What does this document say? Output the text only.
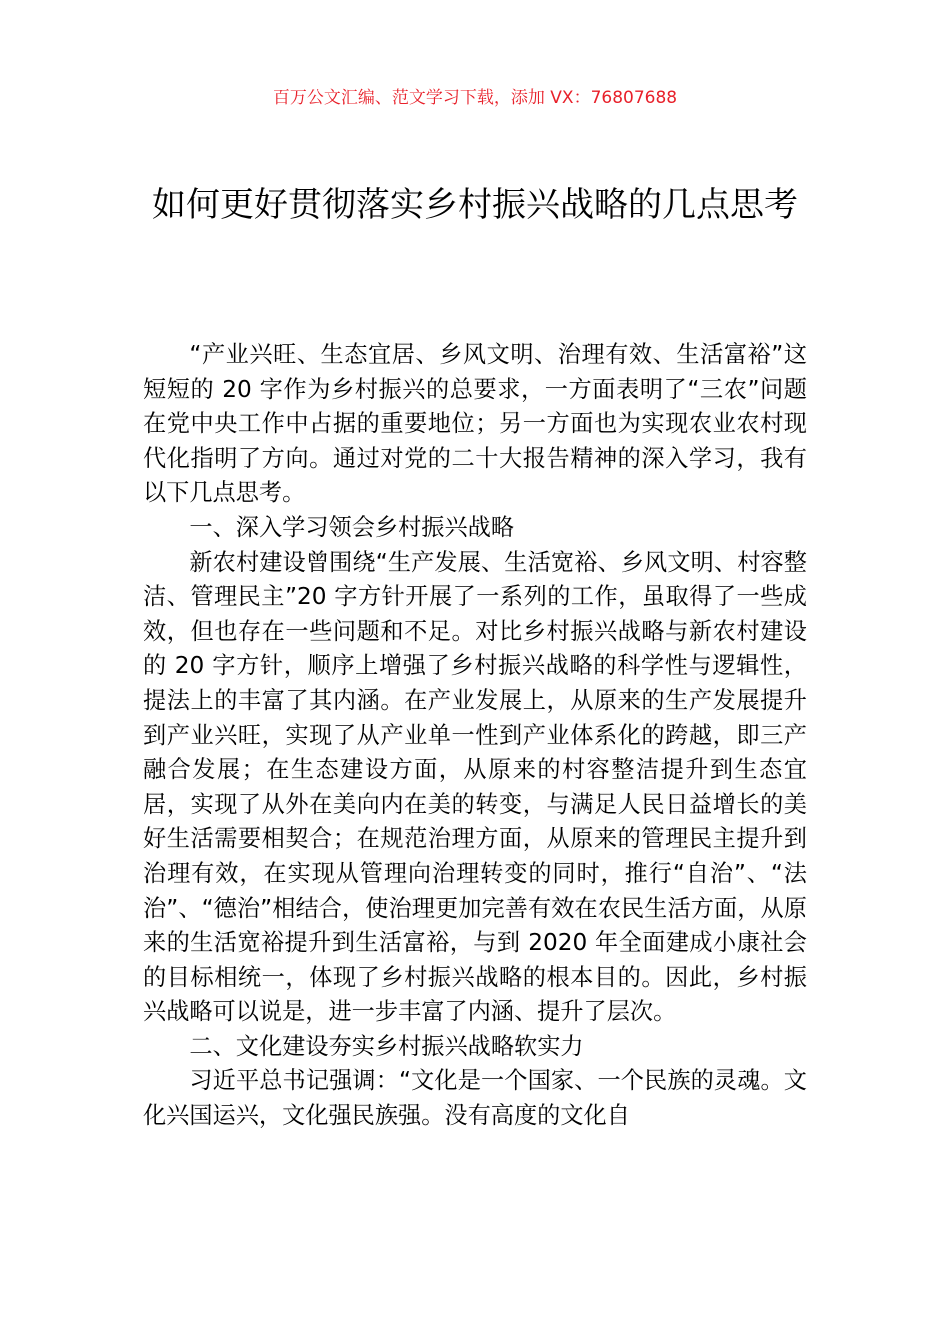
百万公文汇编、范文学习下载，添加 VX：76807688
如何更好贯彻落实乡村振兴战略的几点思考

“产业兴旺、生态宜居、乡风文明、治理有效、生活富裕”这短短的 20 字作为乡村振兴的总要求，一方面表明了“三农”问题在党中央工作中占据的重要地位；另一方面也为实现农业农村现代化指明了方向。通过对党的二十大报告精神的深入学习，我有以下几点思考。

一、深入学习领会乡村振兴战略

新农村建设曾围绕“生产发展、生活宽裕、乡风文明、村容整洁、管理民主”20 字方针开展了一系列的工作，虽取得了一些成效，但也存在一些问题和不足。对比乡村振兴战略与新农村建设的 20 字方针，顺序上增强了乡村振兴战略的科学性与逻辑性，提法上的丰富了其内涵。在产业发展上，从原来的生产发展提升到产业兴旺，实现了从产业单一性到产业体系化的跨越，即三产融合发展；在生态建设方面，从原来的村容整洁提升到生态宜居，实现了从外在美向内在美的转变，与满足人民日益增长的美好生活需要相契合；在规范治理方面，从原来的管理民主提升到治理有效，在实现从管理向治理转变的同时，推行“自治”、“法治”、“德治”相结合，使治理更加完善有效在农民生活方面，从原来的生活宽裕提升到生活富裕，与到 2020 年全面建成小康社会的目标相统一，体现了乡村振兴战略的根本目的。因此，乡村振兴战略可以说是，进一步丰富了内涵、提升了层次。

二、文化建设夯实乡村振兴战略软实力

习近平总书记强调：“文化是一个国家、一个民族的灵魂。文化兴国运兴，文化强民族强。没有高度的文化自
